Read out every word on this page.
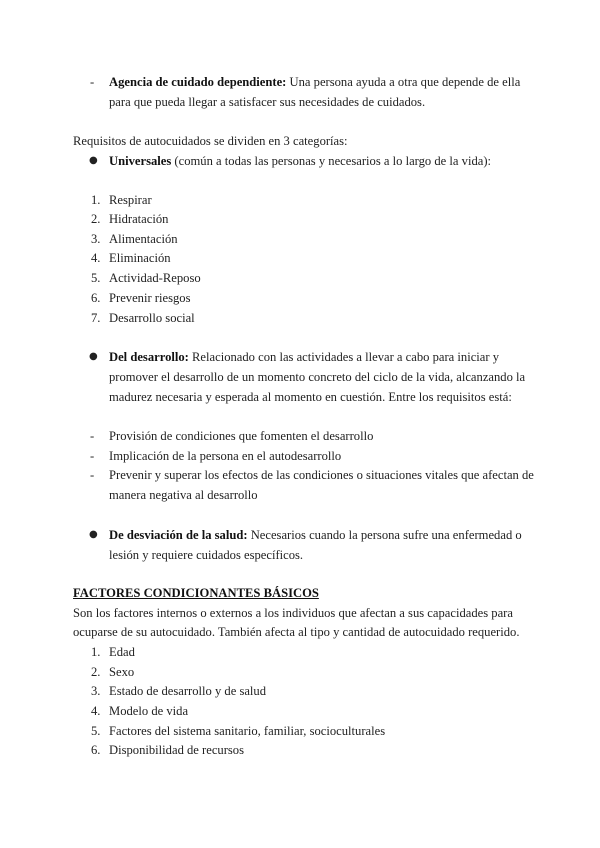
- Agencia de cuidado dependiente: Una persona ayuda a otra que depende de ella
para que pueda llegar a satisfacer sus necesidades de cuidados.
Requisitos de autocuidados se dividen en 3 categorías:
● Universales (común a todas las personas y necesarios a lo largo de la vida):
1. Respirar
2. Hidratación
3. Alimentación
4. Eliminación
5. Actividad-Reposo
6. Prevenir riesgos
7. Desarrollo social
● Del desarrollo: Relacionado con las actividades a llevar a cabo para iniciar y
promover el desarrollo de un momento concreto del ciclo de la vida, alcanzando la
madurez necesaria y esperada al momento en cuestión. Entre los requisitos está:
- Provisión de condiciones que fomenten el desarrollo
- Implicación de la persona en el autodesarrollo
- Prevenir y superar los efectos de las condiciones o situaciones vitales que afectan de
manera negativa al desarrollo
● De desviación de la salud: Necesarios cuando la persona sufre una enfermedad o
lesión y requiere cuidados específicos.
FACTORES CONDICIONANTES BÁSICOS
Son los factores internos o externos a los individuos que afectan a sus capacidades para
ocuparse de su autocuidado. También afecta al tipo y cantidad de autocuidado requerido.
1. Edad
2. Sexo
3. Estado de desarrollo y de salud
4. Modelo de vida
5. Factores del sistema sanitario, familiar, socioculturales
6. Disponibilidad de recursos
